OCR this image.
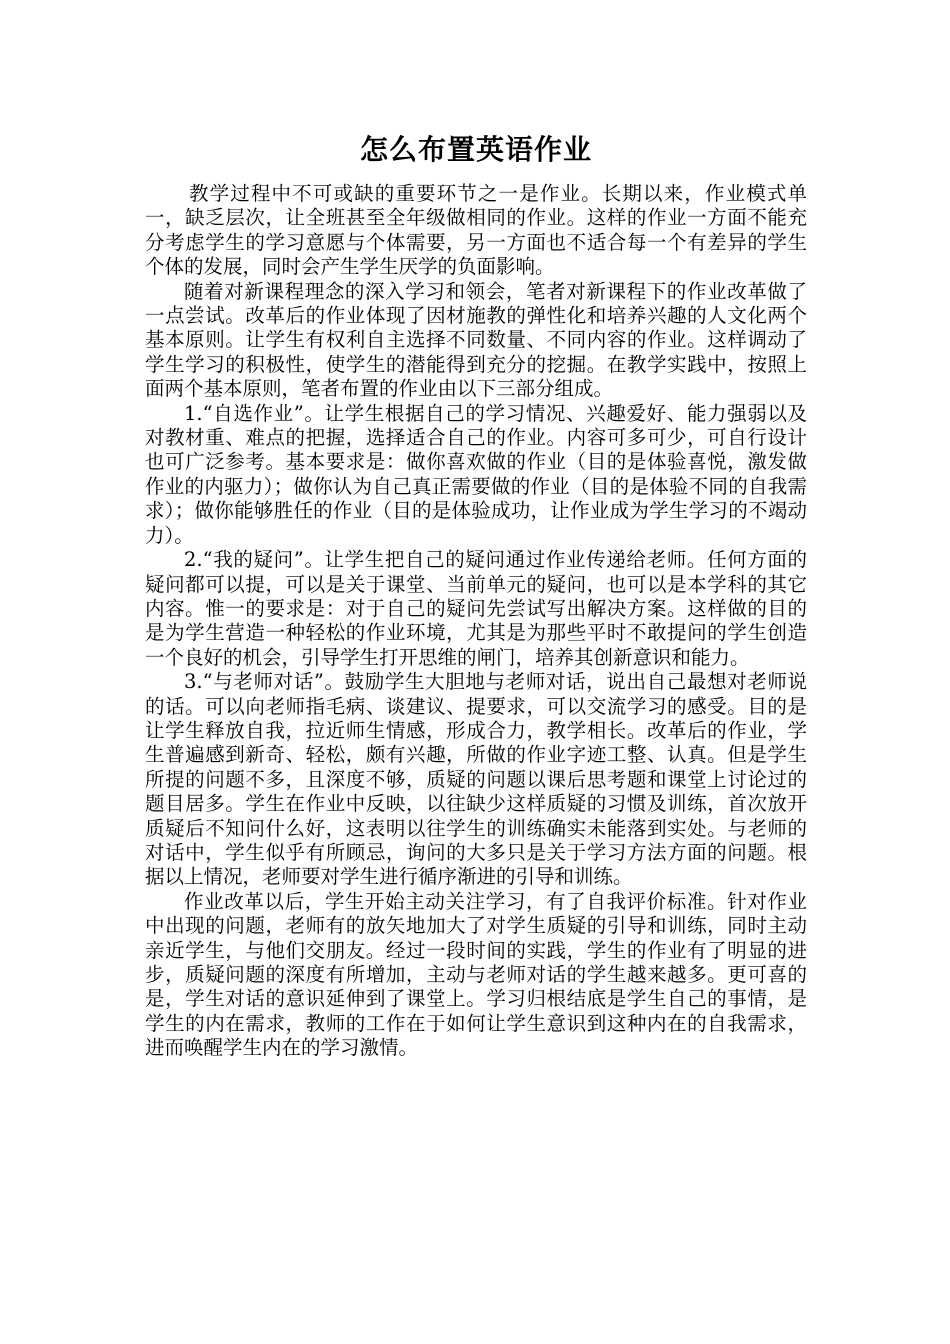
怎么布置英语作业

教学过程中不可或缺的重要环节之一是作业。长期以来，作业模式单一，缺乏层次，让全班甚至全年级做相同的作业。这样的作业一方面不能充分考虑学生的学习意愿与个体需要，另一方面也不适合每一个有差异的学生个体的发展，同时会产生学生厌学的负面影响。

随着对新课程理念的深入学习和领会，笔者对新课程下的作业改革做了一点尝试。改革后的作业体现了因材施教的弹性化和培养兴趣的人文化两个基本原则。让学生有权利自主选择不同数量、不同内容的作业。这样调动了学生学习的积极性，使学生的潜能得到充分的挖掘。在教学实践中，按照上面两个基本原则，笔者布置的作业由以下三部分组成。

1.“自选作业”。让学生根据自己的学习情况、兴趣爱好、能力强弱以及对教材重、难点的把握，选择适合自己的作业。内容可多可少，可自行设计也可广泛参考。基本要求是：做你喜欢做的作业（目的是体验喜悦，激发做作业的内驱力）；做你认为自己真正需要做的作业（目的是体验不同的自我需求）；做你能够胜任的作业（目的是体验成功，让作业成为学生学习的不竭动力）。

2.“我的疑问”。让学生把自己的疑问通过作业传递给老师。任何方面的疑问都可以提，可以是关于课堂、当前单元的疑问，也可以是本学科的其它内容。惟一的要求是：对于自己的疑问先尝试写出解决方案。这样做的目的是为学生营造一种轻松的作业环境，尤其是为那些平时不敢提问的学生创造一个良好的机会，引导学生打开思维的闸门，培养其创新意识和能力。

3.“与老师对话”。鼓励学生大胆地与老师对话，说出自己最想对老师说的话。可以向老师指毛病、谈建议、提要求，可以交流学习的感受。目的是让学生释放自我，拉近师生情感，形成合力，教学相长。改革后的作业，学生普遍感到新奇、轻松，颇有兴趣，所做的作业字迹工整、认真。但是学生所提的问题不多，且深度不够，质疑的问题以课后思考题和课堂上讨论过的题目居多。学生在作业中反映，以往缺少这样质疑的习惯及训练，首次放开质疑后不知问什么好，这表明以往学生的训练确实未能落到实处。与老师的对话中，学生似乎有所顾忌，询问的大多只是关于学习方法方面的问题。根据以上情况，老师要对学生进行循序渐进的引导和训练。

作业改革以后，学生开始主动关注学习，有了自我评价标准。针对作业中出现的问题，老师有的放矢地加大了对学生质疑的引导和训练，同时主动亲近学生，与他们交朋友。经过一段时间的实践，学生的作业有了明显的进步，质疑问题的深度有所增加，主动与老师对话的学生越来越多。更可喜的是，学生对话的意识延伸到了课堂上。学习归根结底是学生自己的事情，是学生的内在需求，教师的工作在于如何让学生意识到这种内在的自我需求，进而唤醒学生内在的学习激情。
